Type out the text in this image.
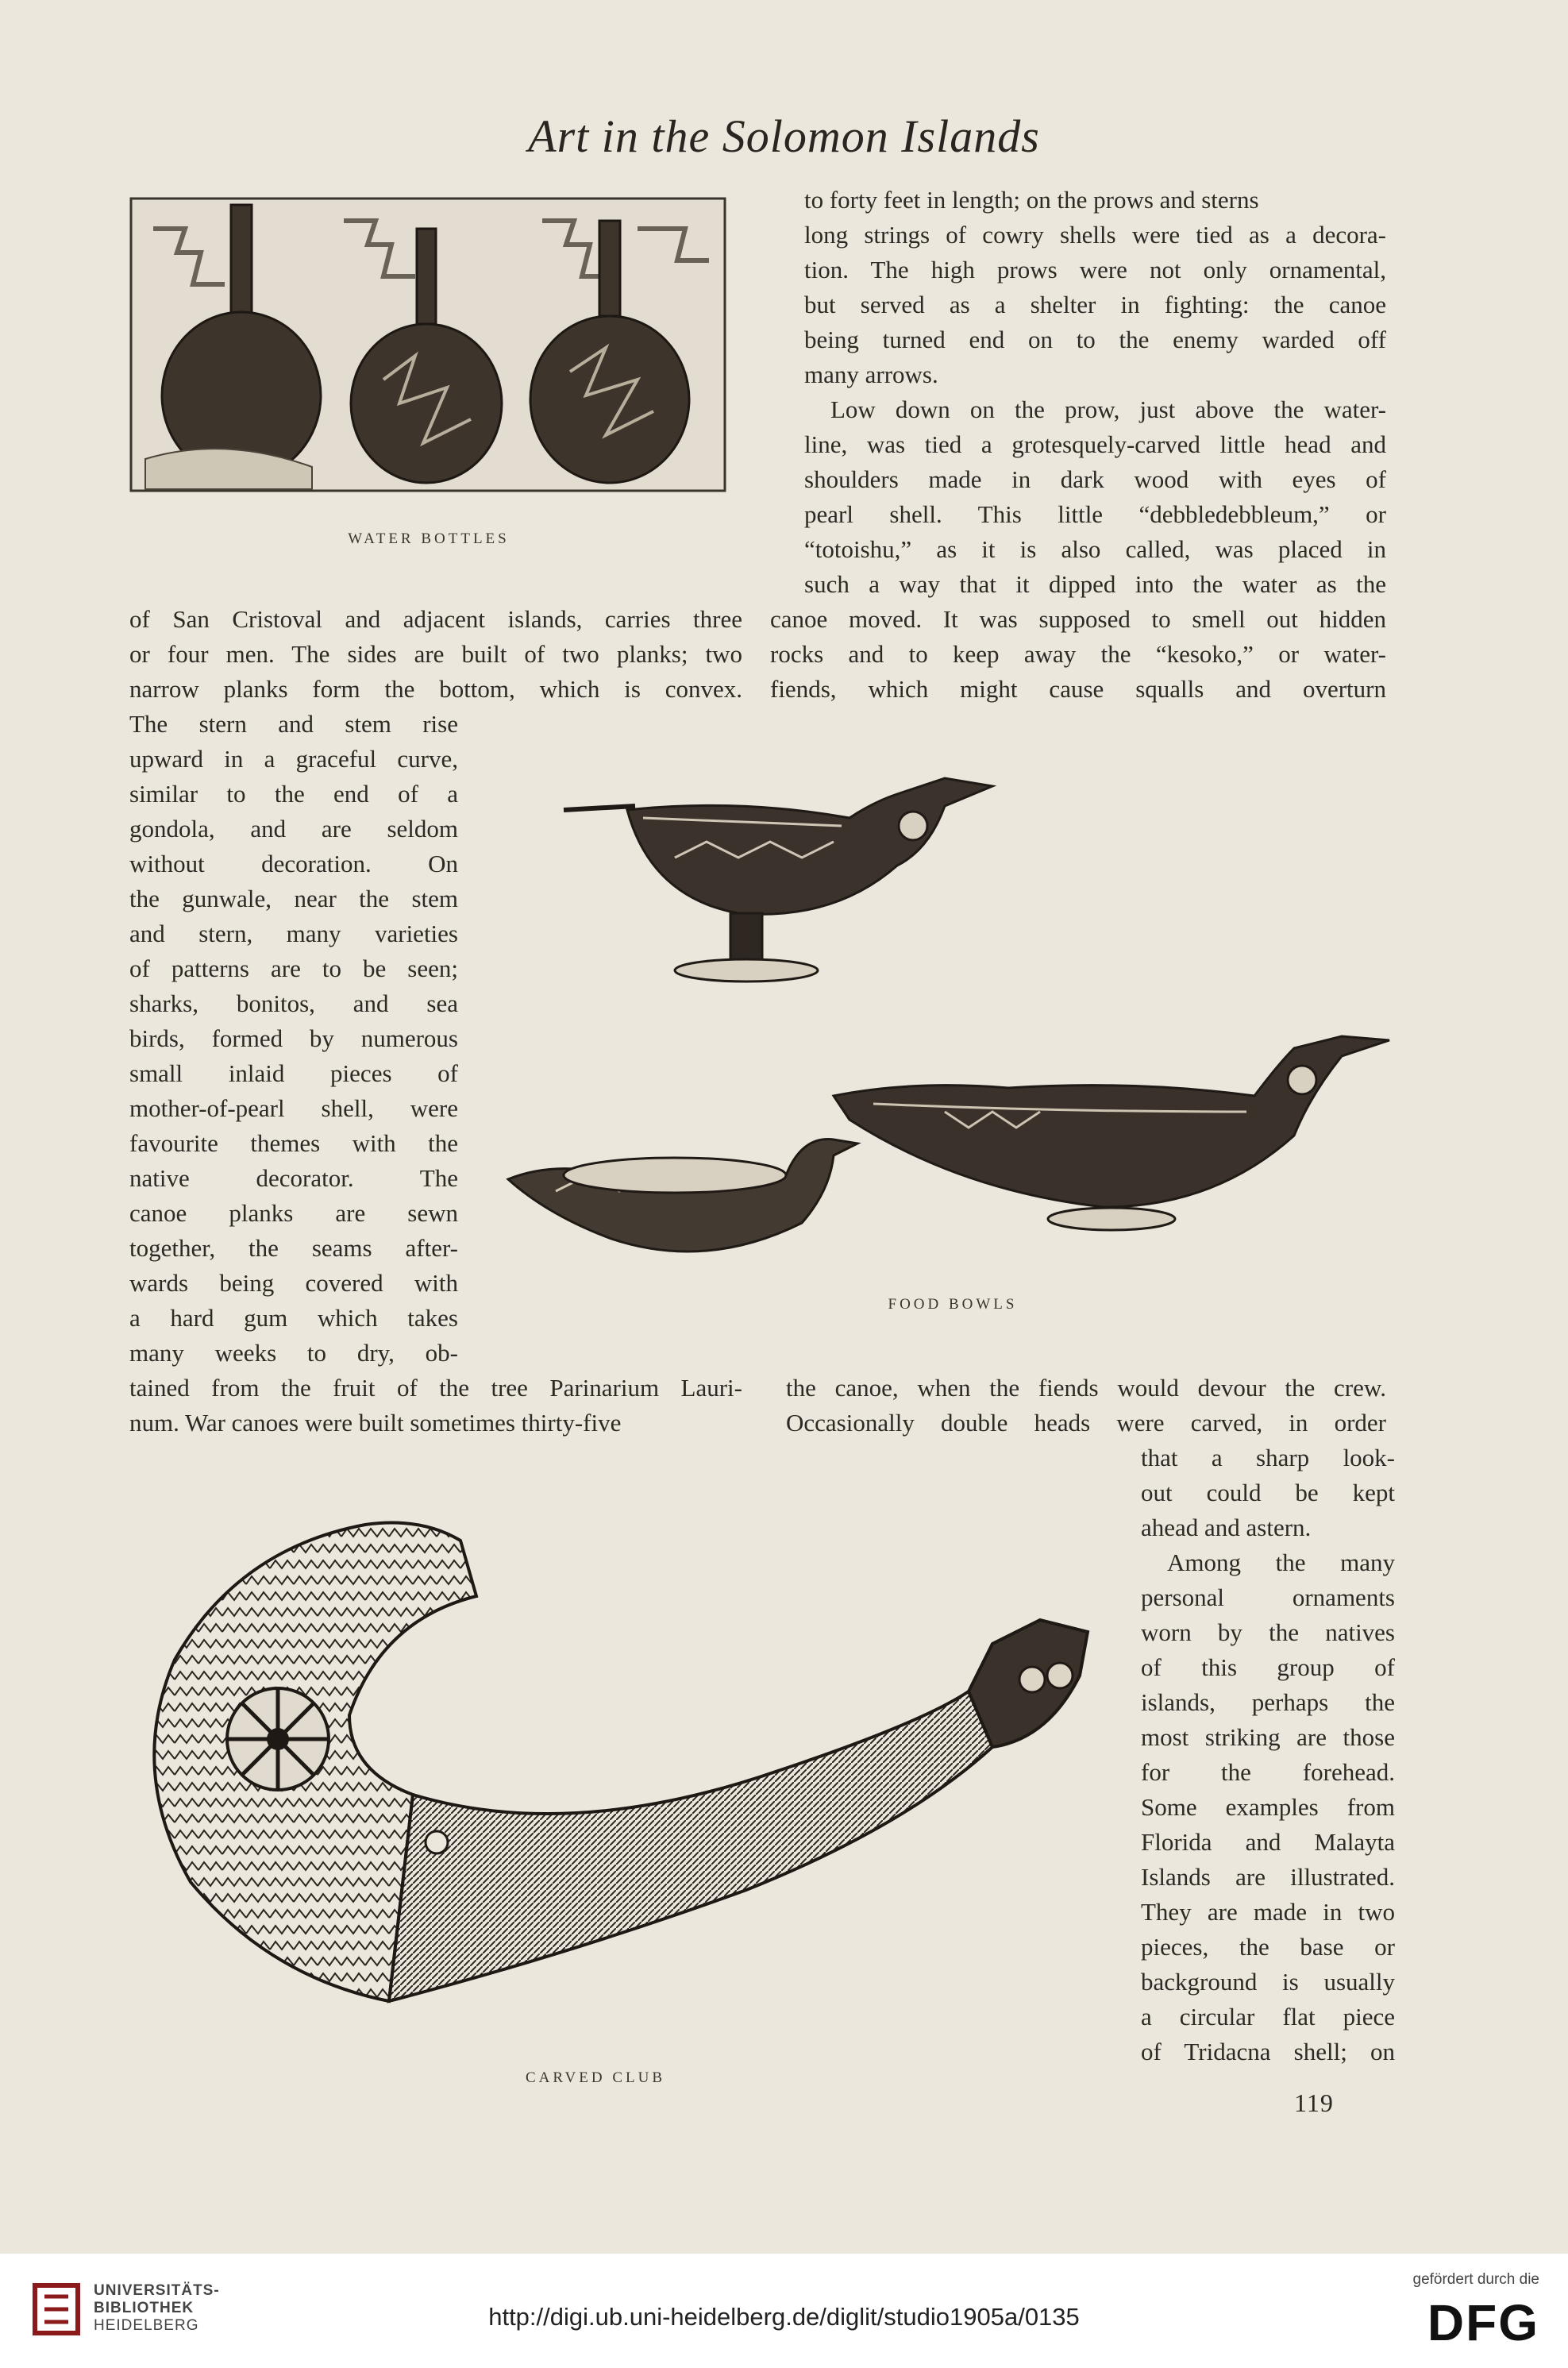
Art in the Solomon Islands
WATER BOTTLES
to forty feet in length; on the prows and sterns
long strings of cowry shells were tied as a decora-
tion. The high prows were not only ornamental,
but served as a shelter in fighting: the canoe
being turned end on to the enemy warded off
many arrows.
Low down on the prow, just above the water-
line, was tied a grotesquely-carved little head and
shoulders made in dark wood with eyes of
pearl shell. This little “debbledebbleum,” or
“totoishu,” as it is also called, was placed in
such a way that it dipped into the water as the
canoe moved. It was supposed to smell out hidden
rocks and to keep away the “kesoko,” or water-
fiends, which might cause squalls and overturn
of San Cristoval and adjacent islands, carries three
or four men. The sides are built of two planks; two
narrow planks form the bottom, which is convex.
The stern and stem rise
upward in a graceful curve,
similar to the end of a
gondola, and are seldom
without decoration. On
the gunwale, near the stem
and stern, many varieties
of patterns are to be seen;
sharks, bonitos, and sea
birds, formed by numerous
small inlaid pieces of
mother-of-pearl shell, were
favourite themes with the
native decorator. The
canoe planks are sewn
together, the seams after-
wards being covered with
a hard gum which takes
many weeks to dry, ob-
FOOD BOWLS
tained from the fruit of the tree Parinarium Lauri-
num. War canoes were built sometimes thirty-five
the canoe, when the fiends would devour the crew.
Occasionally double heads were carved, in order
that a sharp look-
out could be kept
ahead and astern.
Among the many
personal ornaments
worn by the natives
of this group of
islands, perhaps the
most striking are those
for the forehead.
Some examples from
Florida and Malayta
Islands are illustrated.
They are made in two
pieces, the base or
background is usually
a circular flat piece
of Tridacna shell; on
CARVED CLUB
119
UNIVERSITÄTS-
BIBLIOTHEK
HEIDELBERG	http://digi.ub.uni-heidelberg.de/diglit/studio1905a/0135
gefördert durch die
DFG
